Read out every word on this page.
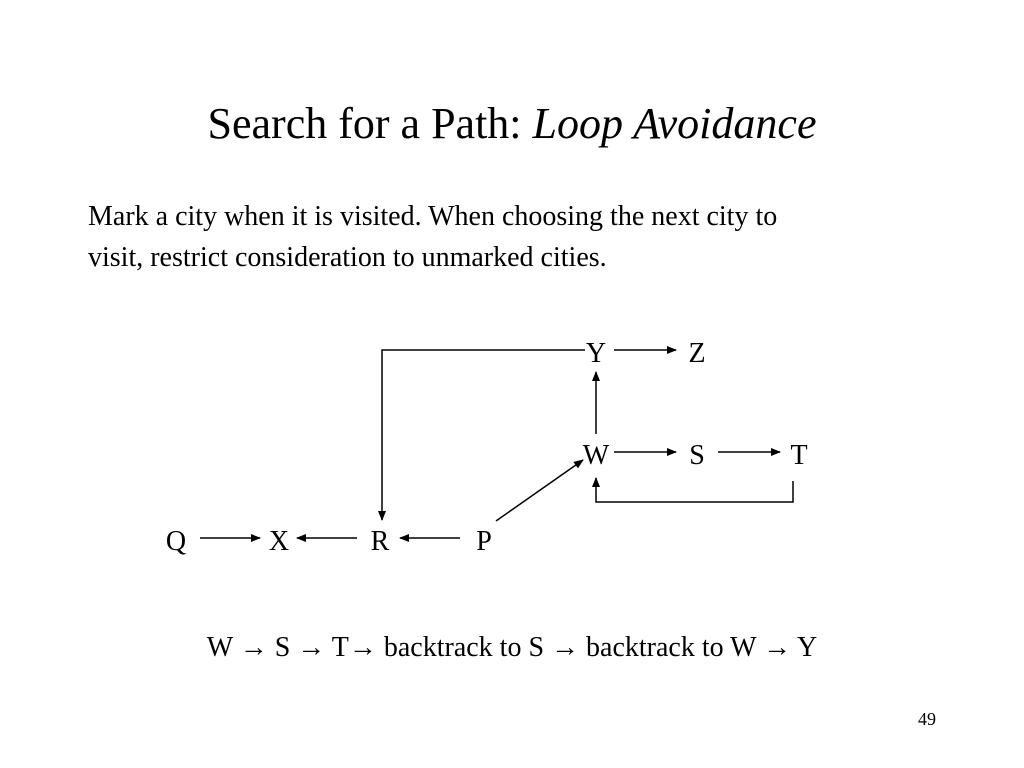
Search for a Path: Loop Avoidance

Mark a city when it is visited. When choosing the next city to

visit, restrict consideration to unmarked cities.

Y	Z
W	S	T
Q	X	R	P
W → S → T→ backtrack to S → backtrack to W → Y
49
